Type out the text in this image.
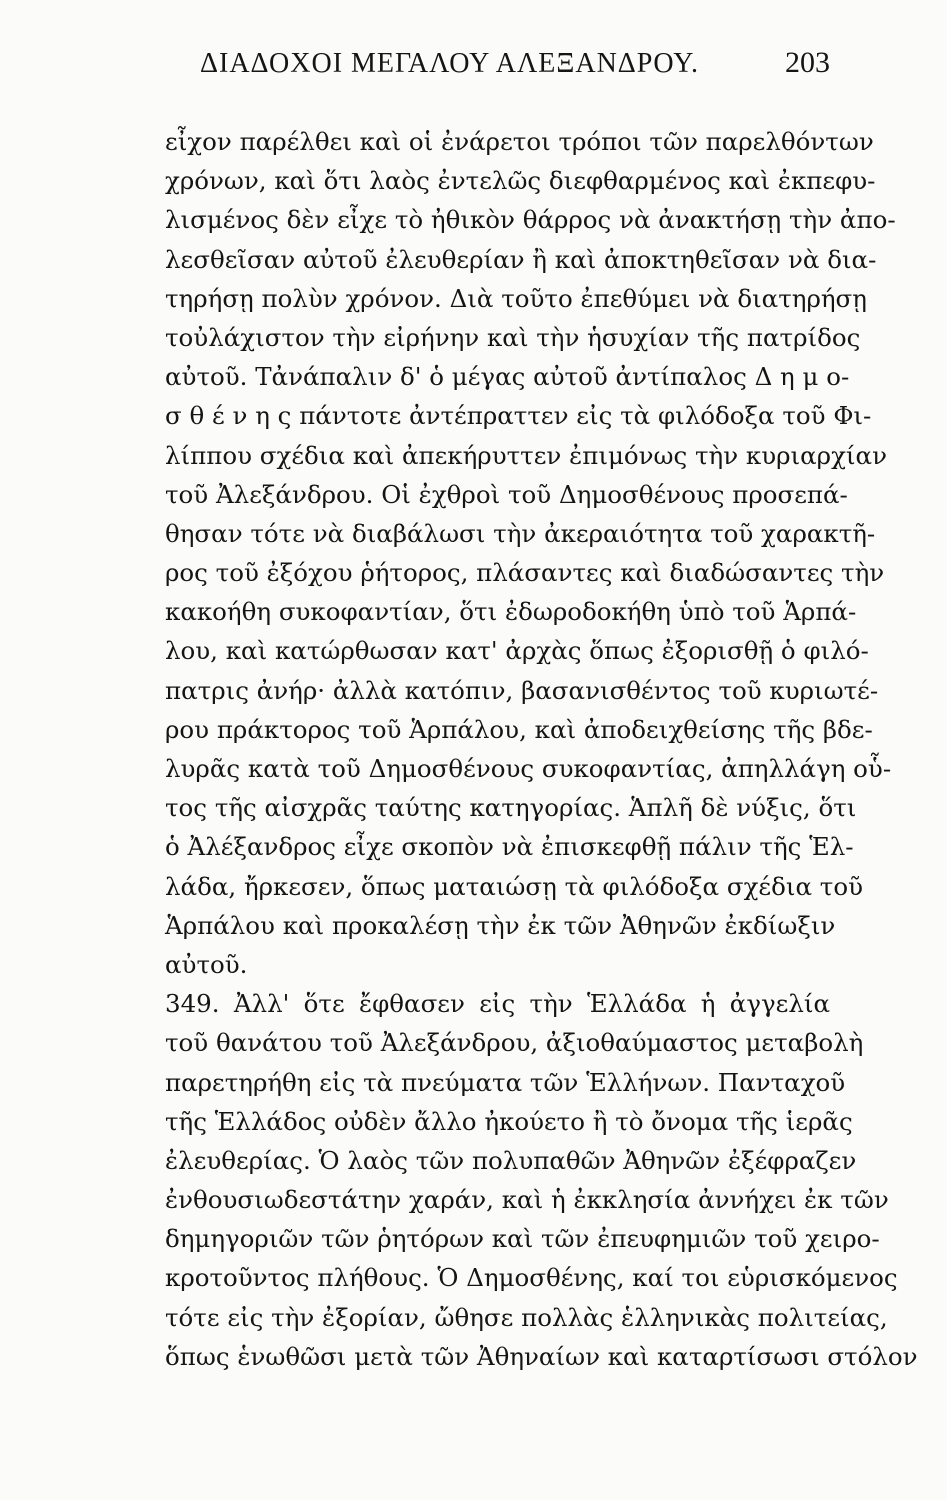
ΔΙΑΔΟΧΟΙ ΜΕΓΑΛΟΥ ΑΛΕΞΑΝΔΡΟΥ.	203
εἶχον παρέλθει καὶ οἱ ἐνάρετοι τρόποι τῶν παρελθόντων
χρόνων, καὶ ὅτι λαὸς ἐντελῶς διεφθαρμένος καὶ ἐκπεφυ-
λισμένος δὲν εἶχε τὸ ἠθικὸν θάρρος νὰ ἀνακτήσῃ τὴν ἀπο-
λεσθεῖσαν αὐτοῦ ἐλευθερίαν ἢ καὶ ἀποκτηθεῖσαν νὰ δια-
τηρήσῃ πολὺν χρόνον. Διὰ τοῦτο ἐπεθύμει νὰ διατηρήσῃ
τοὐλάχιστον τὴν εἰρήνην καὶ τὴν ἡσυχίαν τῆς πατρίδος
αὐτοῦ. Τἀνάπαλιν δ' ὁ μέγας αὐτοῦ ἀντίπαλος Δ η μ ο-
σ θ έ ν η ς πάντοτε ἀντέπραττεν εἰς τὰ φιλόδοξα τοῦ Φι-
λίππου σχέδια καὶ ἀπεκήρυττεν ἐπιμόνως τὴν κυριαρχίαν
τοῦ Ἀλεξάνδρου. Οἱ ἐχθροὶ τοῦ Δημοσθένους προσεπά-
θησαν τότε νὰ διαβάλωσι τὴν ἀκεραιότητα τοῦ χαρακτῆ-
ρος τοῦ ἐξόχου ῥήτορος, πλάσαντες καὶ διαδώσαντες τὴν
κακοήθη συκοφαντίαν, ὅτι ἐδωροδοκήθη ὑπὸ τοῦ Ἁρπά-
λου, καὶ κατώρθωσαν κατ' ἀρχὰς ὅπως ἐξορισθῇ ὁ φιλό-
πατρις ἀνήρ· ἀλλὰ κατόπιν, βασανισθέντος τοῦ κυριωτέ-
ρου πράκτορος τοῦ Ἁρπάλου, καὶ ἀποδειχθείσης τῆς βδε-
λυρᾶς κατὰ τοῦ Δημοσθένους συκοφαντίας, ἀπηλλάγη οὗ-
τος τῆς αἰσχρᾶς ταύτης κατηγορίας. Ἁπλῆ δὲ νύξις, ὅτι
ὁ Ἀλέξανδρος εἶχε σκοπὸν νὰ ἐπισκεφθῇ πάλιν τῆς Ἑλ-
λάδα, ἤρκεσεν, ὅπως ματαιώσῃ τὰ φιλόδοξα σχέδια τοῦ
Ἁρπάλου καὶ προκαλέσῃ τὴν ἐκ τῶν Ἀθηνῶν ἐκδίωξιν
αὐτοῦ.
349. Ἀλλ' ὅτε ἔφθασεν εἰς τὴν Ἑλλάδα ἡ ἀγγελία
τοῦ θανάτου τοῦ Ἀλεξάνδρου, ἀξιοθαύμαστος μεταβολὴ
παρετηρήθη εἰς τὰ πνεύματα τῶν Ἑλλήνων. Πανταχοῦ
τῆς Ἑλλάδος οὐδὲν ἄλλο ἠκούετο ἢ τὸ ὄνομα τῆς ἱερᾶς
ἐλευθερίας. Ὁ λαὸς τῶν πολυπαθῶν Ἀθηνῶν ἐξέφραζεν
ἐνθουσιωδεστάτην χαράν, καὶ ἡ ἐκκλησία ἀννήχει ἐκ τῶν
δημηγοριῶν τῶν ῥητόρων καὶ τῶν ἐπευφημιῶν τοῦ χειρο-
κροτοῦντος πλήθους. Ὁ Δημοσθένης, καί τοι εὑρισκόμενος
τότε εἰς τὴν ἐξορίαν, ὤθησε πολλὰς ἑλληνικὰς πολιτείας,
ὅπως ἑνωθῶσι μετὰ τῶν Ἀθηναίων καὶ καταρτίσωσι στόλον
